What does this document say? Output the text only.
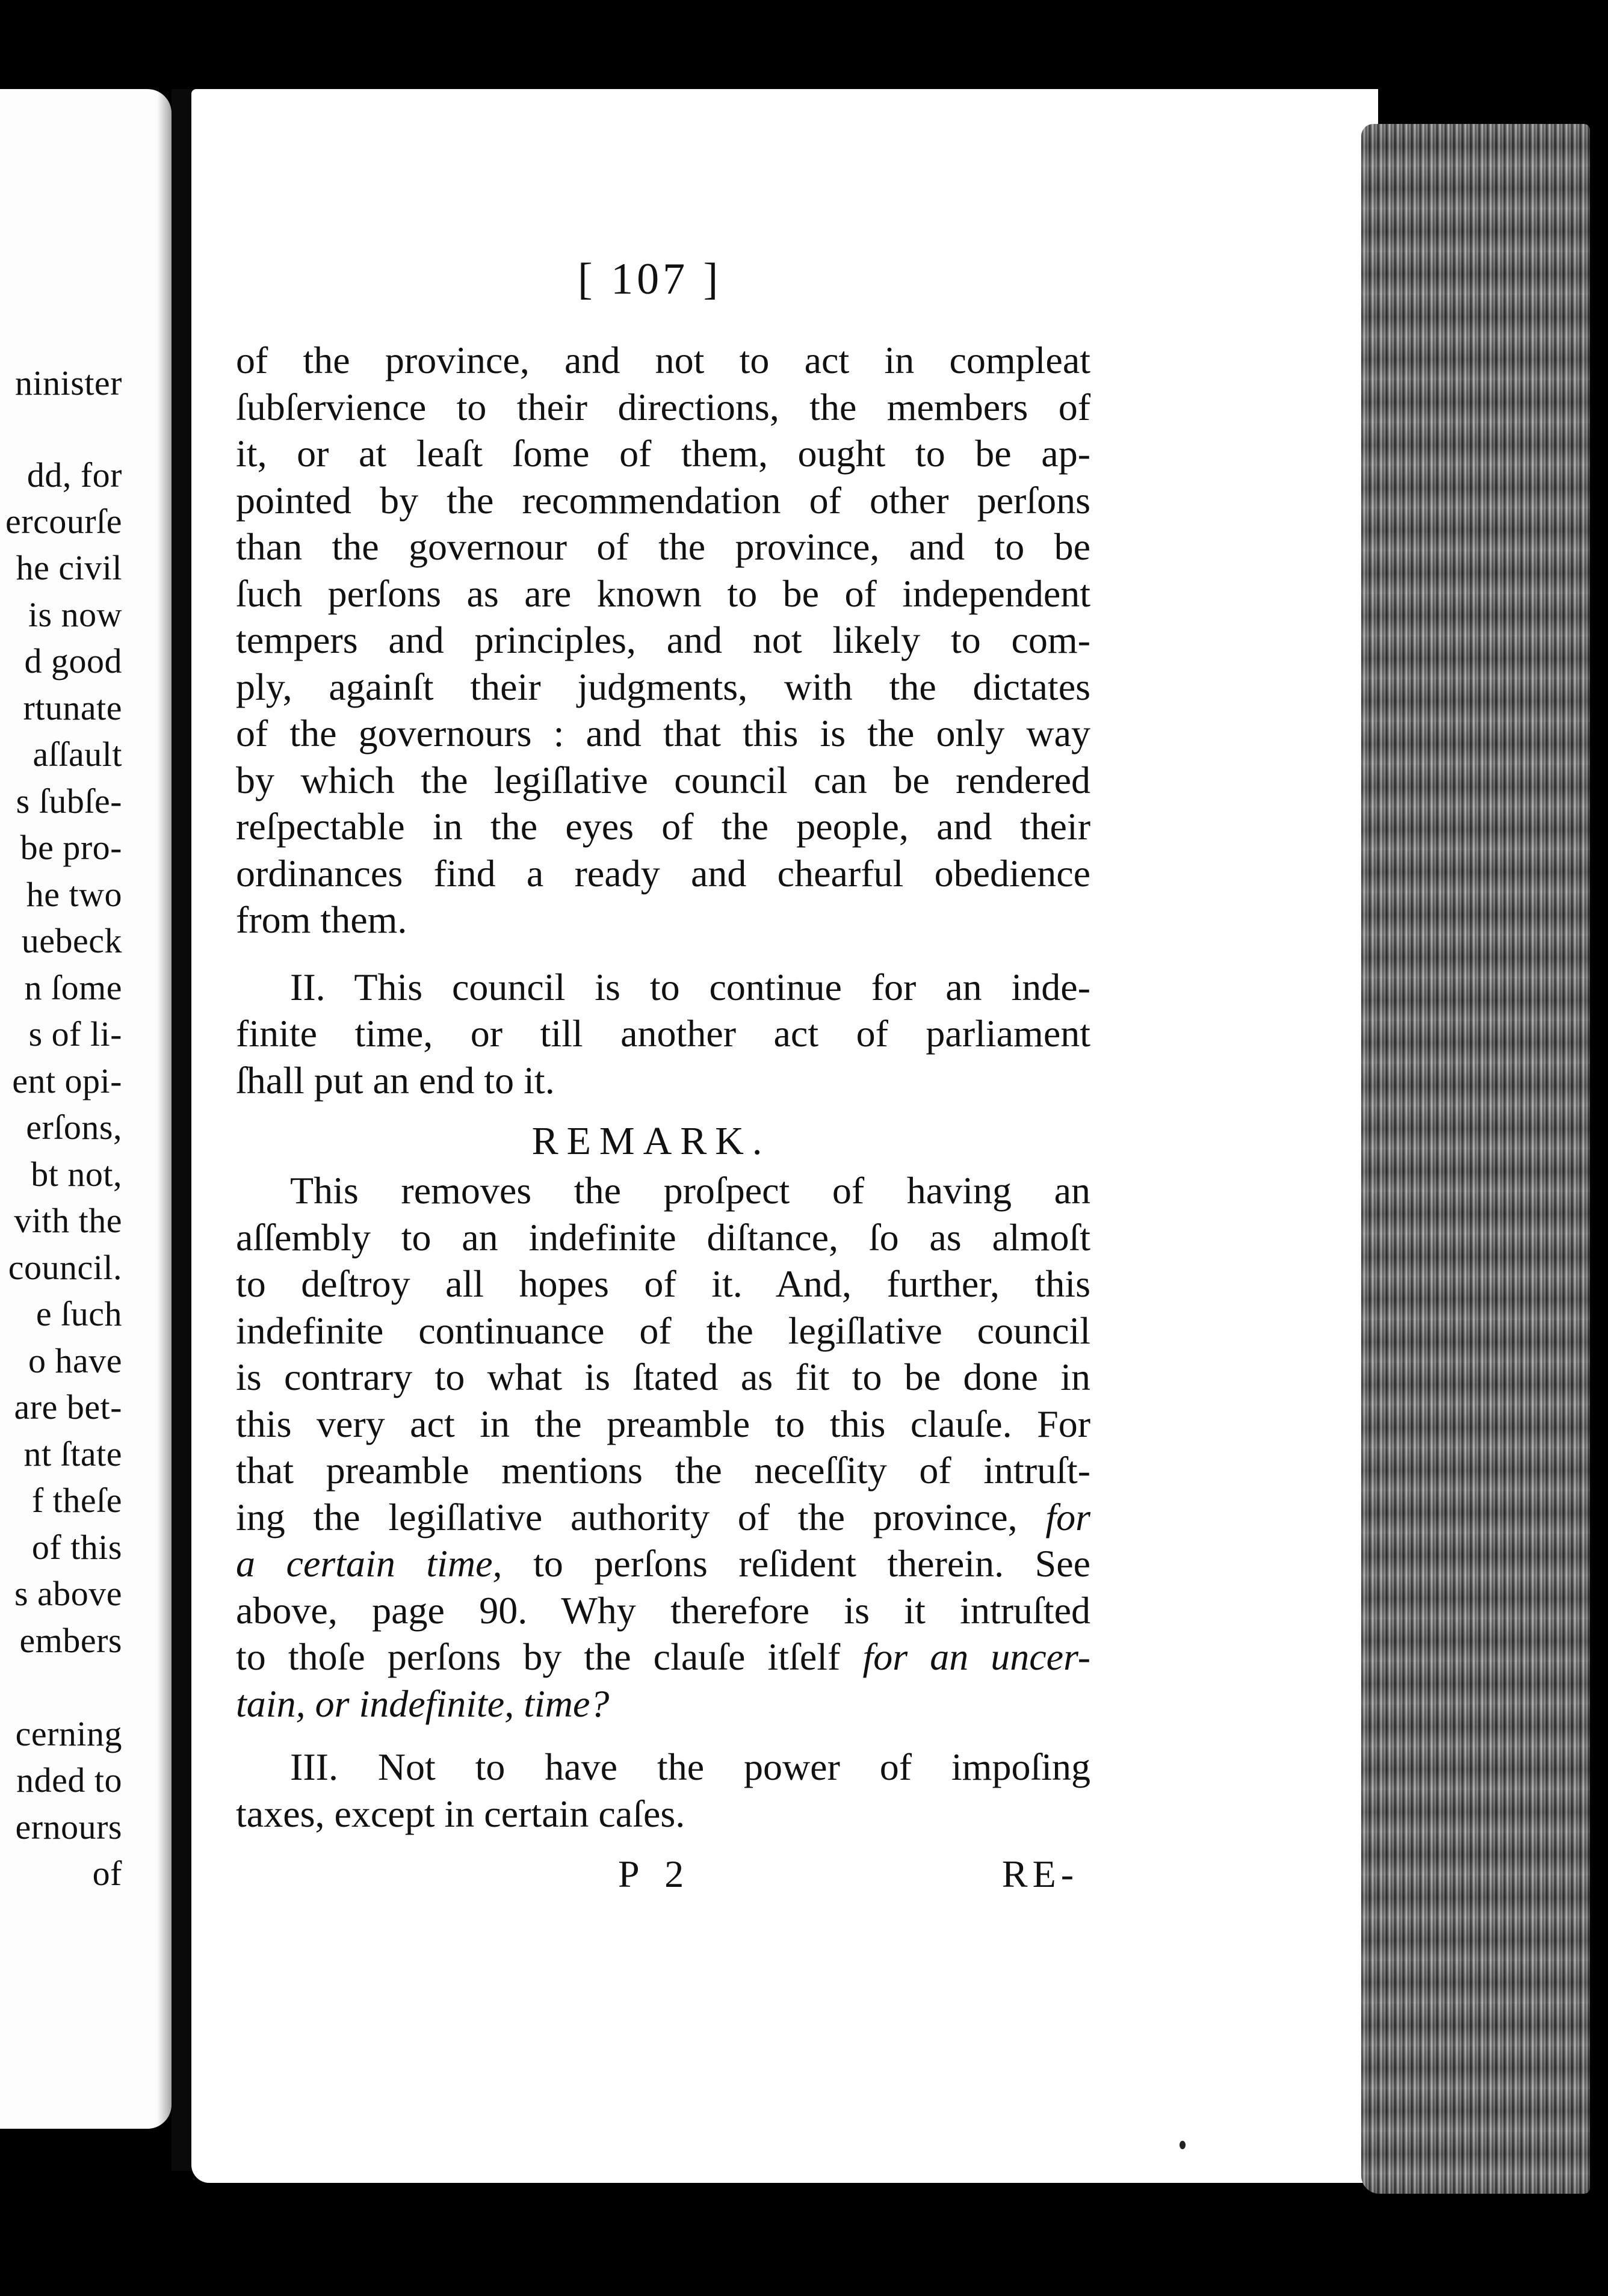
ninister
dd, for
ercourſe
he civil
is now
d good
rtunate
aſſault
s ſubſe-
be pro-
he two
uebeck
n ſome
s of li-
ent opi-
erſons,
bt not,
vith the
council.
e ſuch
o have
are bet-
nt ſtate
f theſe
of this
s above
embers
cerning
nded to
ernours
of
[ 107 ]
of the province, and not to act in compleat
ſubſervience to their directions, the members of
it, or at leaſt ſome of them, ought to be ap-
pointed by the recommendation of other perſons
than the governour of the province, and to be
ſuch perſons as are known to be of independent
tempers and principles, and not likely to com-
ply, againſt their judgments, with the dictates
of the governours : and that this is the only way
by which the legiſlative council can be rendered
reſpectable in the eyes of the people, and their
ordinances find a ready and chearful obedience
from them.
II. This council is to continue for an inde-
finite time, or till another act of parliament
ſhall put an end to it.
REMARK.
This removes the proſpect of having an
aſſembly to an indefinite diſtance, ſo as almoſt
to deſtroy all hopes of it. And, further, this
indefinite continuance of the legiſlative council
is contrary to what is ſtated as fit to be done in
this very act in the preamble to this clauſe. For
that preamble mentions the neceſſity of intruſt-
ing the legiſlative authority of the province, for
a certain time, to perſons reſident therein. See
above, page 90. Why therefore is it intruſted
to thoſe perſons by the clauſe itſelf for an uncer-
tain, or indefinite, time?
III. Not to have the power of impoſing
taxes, except in certain caſes.
P 2	RE-
